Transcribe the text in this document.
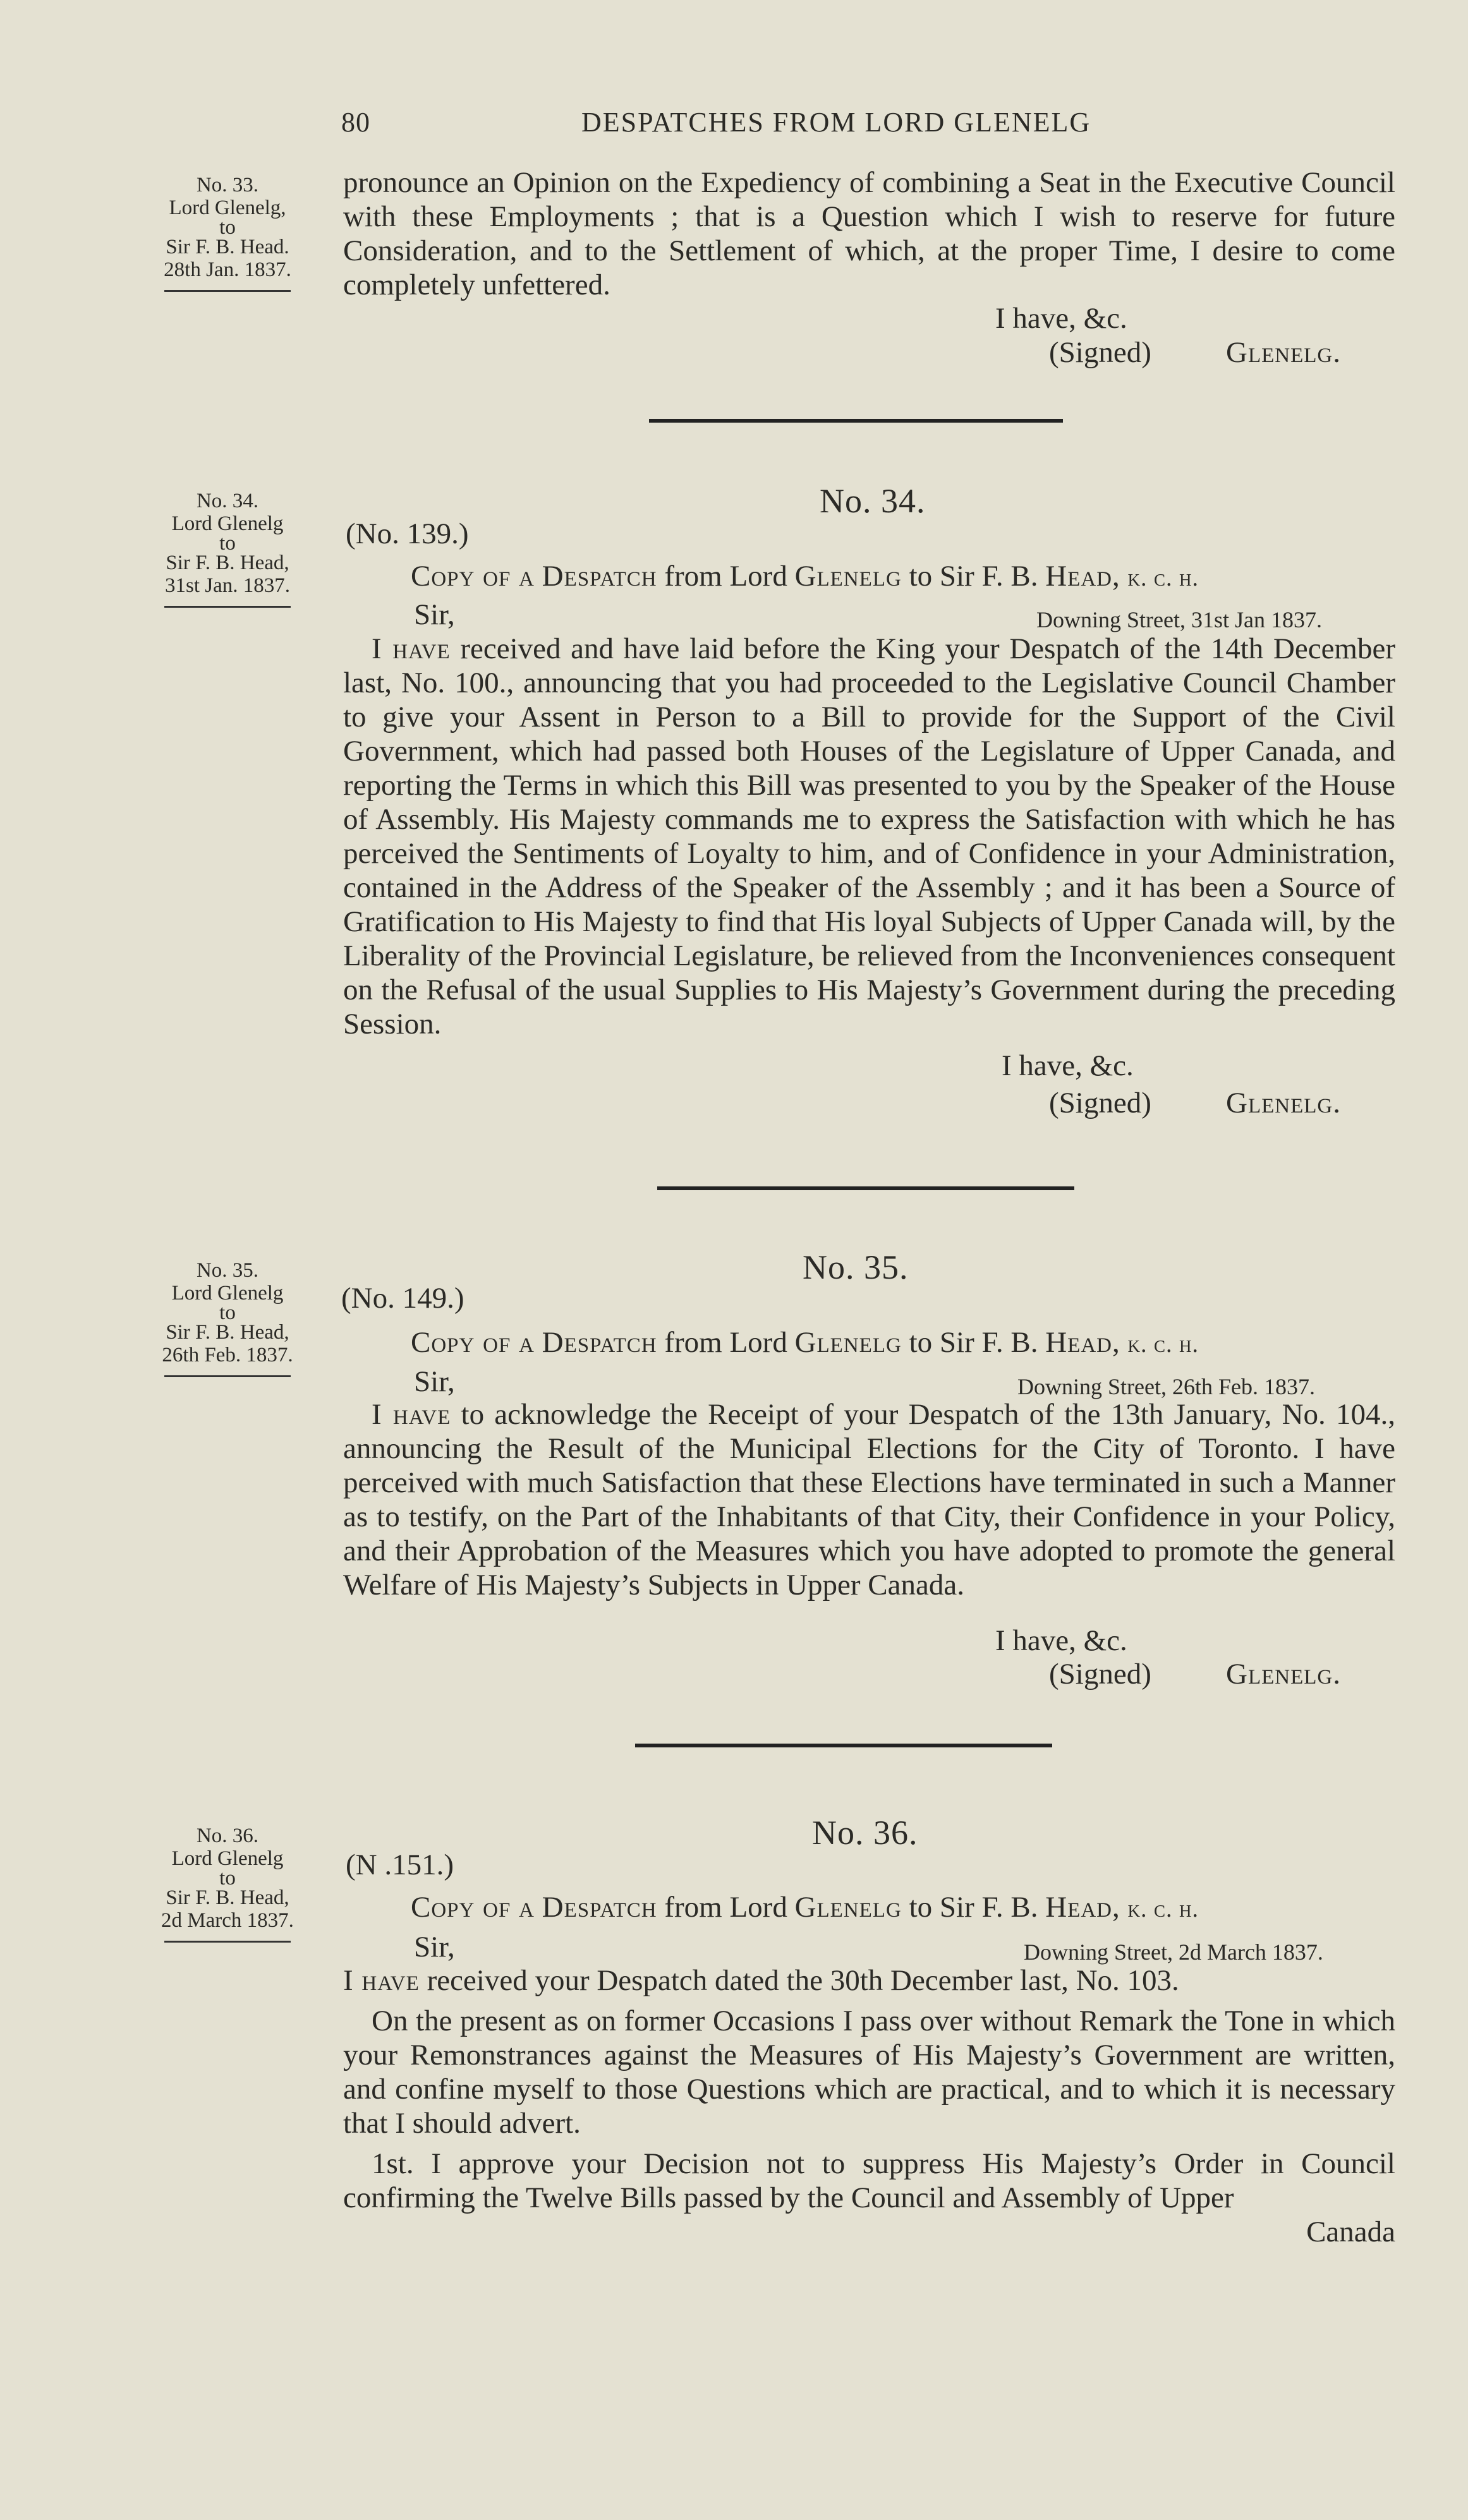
80	DESPATCHES FROM LORD GLENELG
No. 33.
Lord Glenelg,
to
Sir F. B. Head.
28th Jan. 1837.

pronounce an Opinion on the Expediency of combining a Seat in the Executive Council with these Employments ; that is a Question which I wish to reserve for future Consideration, and to the Settlement of which, at the proper Time, I desire to come completely unfettered.

I have, &c.
(Signed)	Glenelg.
No. 34.
Lord Glenelg
to
Sir F. B. Head,
31st Jan. 1837.
No. 34.
(No. 139.)
Copy of a Despatch from Lord Glenelg to Sir F. B. Head, k. c. h.
Sir,	Downing Street, 31st Jan 1837.

I have received and have laid before the King your Despatch of the 14th December last, No. 100., announcing that you had proceeded to the Legislative Council Chamber to give your Assent in Person to a Bill to provide for the Support of the Civil Government, which had passed both Houses of the Legislature of Upper Canada, and reporting the Terms in which this Bill was presented to you by the Speaker of the House of Assembly. His Majesty commands me to express the Satisfaction with which he has perceived the Sentiments of Loyalty to him, and of Confidence in your Administration, contained in the Address of the Speaker of the Assembly ; and it has been a Source of Gratification to His Majesty to find that His loyal Subjects of Upper Canada will, by the Liberality of the Provincial Legislature, be relieved from the Inconveniences consequent on the Refusal of the usual Supplies to His Majesty’s Government during the preceding Session.

I have, &c.
(Signed)	Glenelg.
No. 35.
Lord Glenelg
to
Sir F. B. Head,
26th Feb. 1837.
No. 35.
(No. 149.)
Copy of a Despatch from Lord Glenelg to Sir F. B. Head, k. c. h.
Sir,	Downing Street, 26th Feb. 1837.

I have to acknowledge the Receipt of your Despatch of the 13th January, No. 104., announcing the Result of the Municipal Elections for the City of Toronto. I have perceived with much Satisfaction that these Elections have terminated in such a Manner as to testify, on the Part of the Inhabitants of that City, their Confidence in your Policy, and their Approbation of the Measures which you have adopted to promote the general Welfare of His Majesty’s Subjects in Upper Canada.

I have, &c.
(Signed)	Glenelg.
No. 36.
Lord Glenelg
to
Sir F. B. Head,
2d March 1837.
No. 36.
(N .151.)
Copy of a Despatch from Lord Glenelg to Sir F. B. Head, k. c. h.
Sir,	Downing Street, 2d March 1837.

I have received your Despatch dated the 30th December last, No. 103.

On the present as on former Occasions I pass over without Remark the Tone in which your Remonstrances against the Measures of His Majesty’s Government are written, and confine myself to those Questions which are practical, and to which it is necessary that I should advert.

1st. I approve your Decision not to suppress His Majesty’s Order in Council confirming the Twelve Bills passed by the Council and Assembly of Upper

Canada
